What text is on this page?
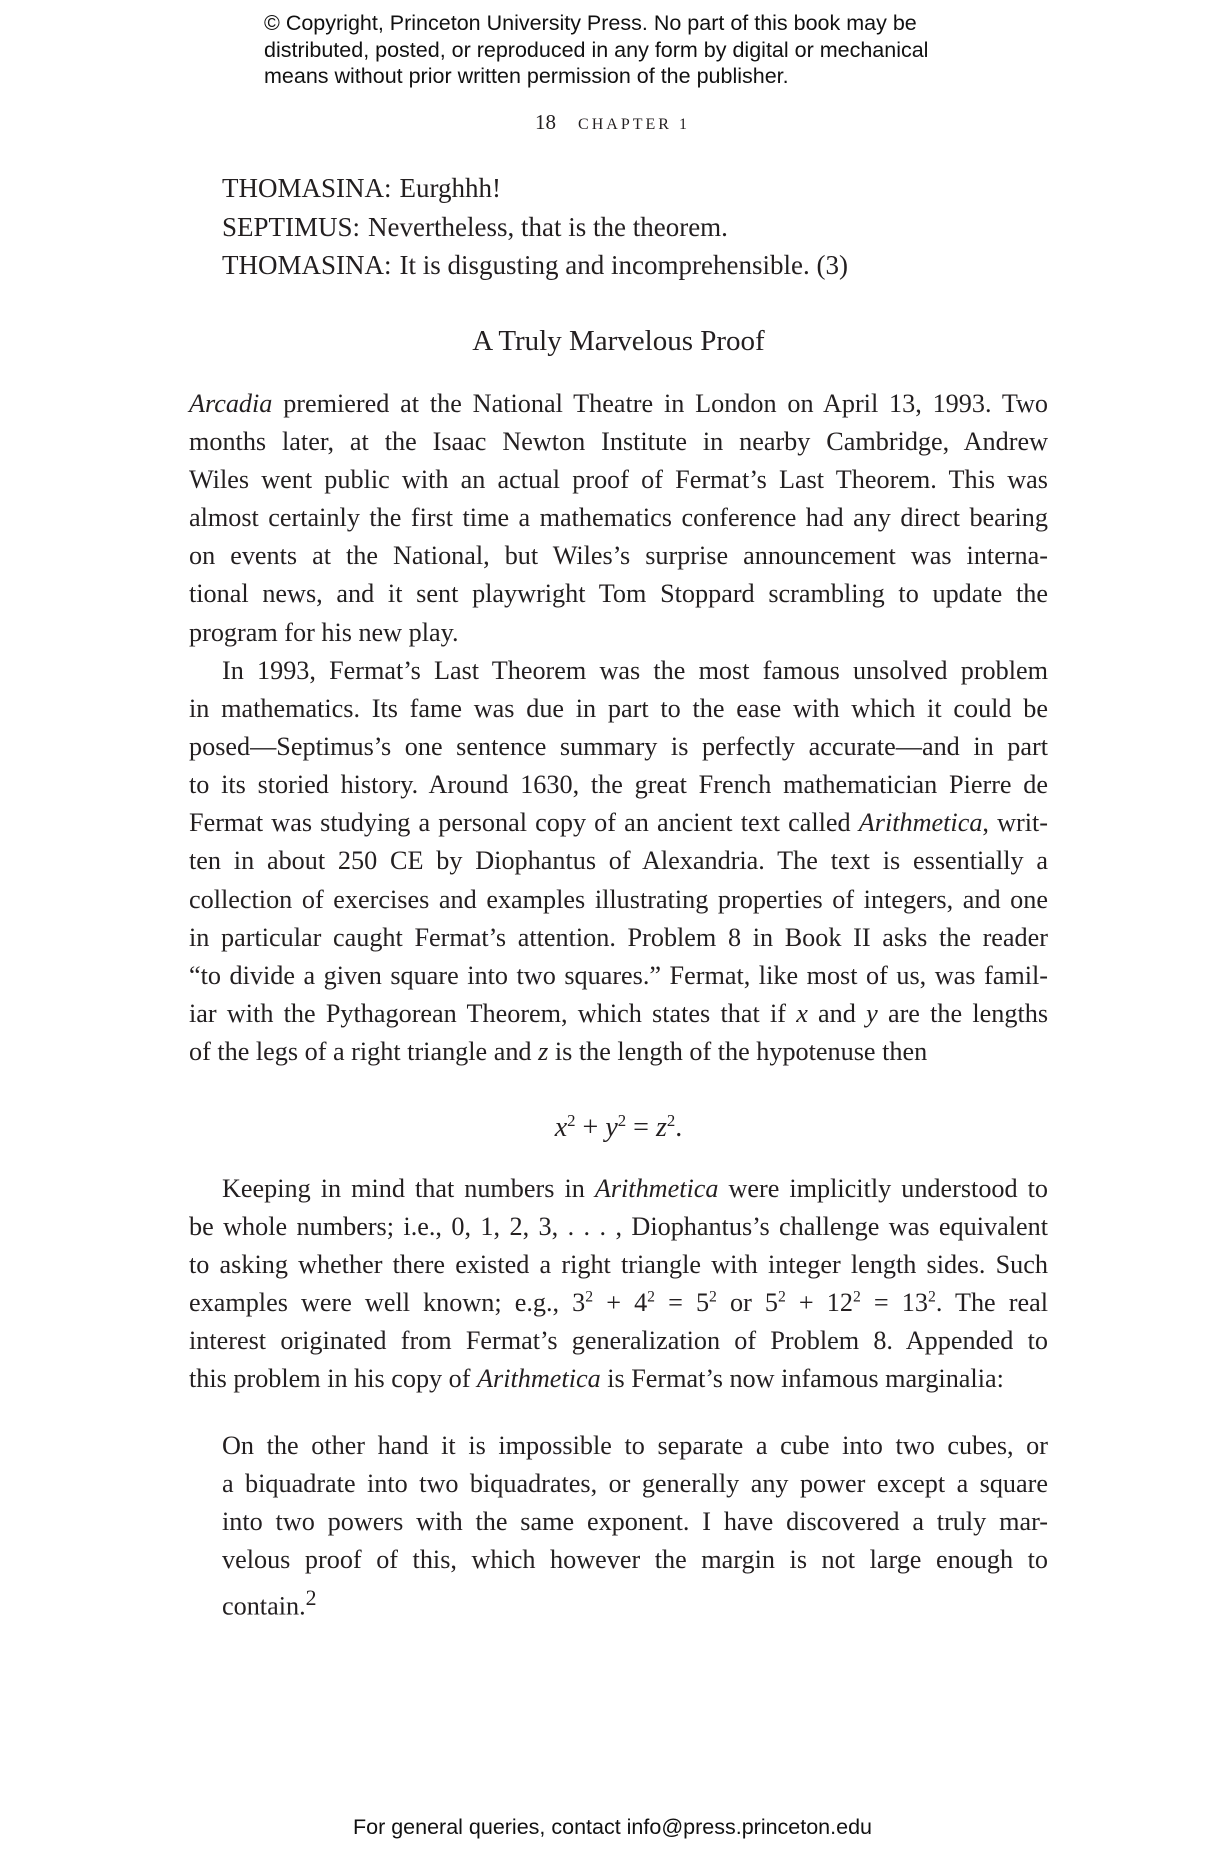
© Copyright, Princeton University Press. No part of this book may be
distributed, posted, or reproduced in any form by digital or mechanical
means without prior written permission of the publisher.
18 CHAPTER 1
THOMASINA: Eurghhh!
SEPTIMUS: Nevertheless, that is the theorem.
THOMASINA: It is disgusting and incomprehensible. (3)
A Truly Marvelous Proof
Arcadia premiered at the National Theatre in London on April 13, 1993. Two
months later, at the Isaac Newton Institute in nearby Cambridge, Andrew
Wiles went public with an actual proof of Fermat’s Last Theorem. This was
almost certainly the first time a mathematics conference had any direct bearing
on events at the National, but Wiles’s surprise announcement was interna-
tional news, and it sent playwright Tom Stoppard scrambling to update the
program for his new play.
In 1993, Fermat’s Last Theorem was the most famous unsolved problem
in mathematics. Its fame was due in part to the ease with which it could be
posed—Septimus’s one sentence summary is perfectly accurate—and in part
to its storied history. Around 1630, the great French mathematician Pierre de
Fermat was studying a personal copy of an ancient text called Arithmetica, writ-
ten in about 250 CE by Diophantus of Alexandria. The text is essentially a
collection of exercises and examples illustrating properties of integers, and one
in particular caught Fermat’s attention. Problem 8 in Book II asks the reader
“to divide a given square into two squares.” Fermat, like most of us, was famil-
iar with the Pythagorean Theorem, which states that if x and y are the lengths
of the legs of a right triangle and z is the length of the hypotenuse then
$x^2 + y^2 = z^2$.
Keeping in mind that numbers in Arithmetica were implicitly understood to
be whole numbers; i.e., 0, 1, 2, 3, . . . , Diophantus’s challenge was equivalent
to asking whether there existed a right triangle with integer length sides. Such
examples were well known; e.g., $3^2 + 4^2 = 5^2$ or $5^2 + 12^2 = 13^2$. The real
interest originated from Fermat’s generalization of Problem 8. Appended to
this problem in his copy of Arithmetica is Fermat’s now infamous marginalia:
On the other hand it is impossible to separate a cube into two cubes, or
a biquadrate into two biquadrates, or generally any power except a square
into two powers with the same exponent. I have discovered a truly mar-
velous proof of this, which however the margin is not large enough to
contain.$^2$
For general queries, contact info@press.princeton.edu
